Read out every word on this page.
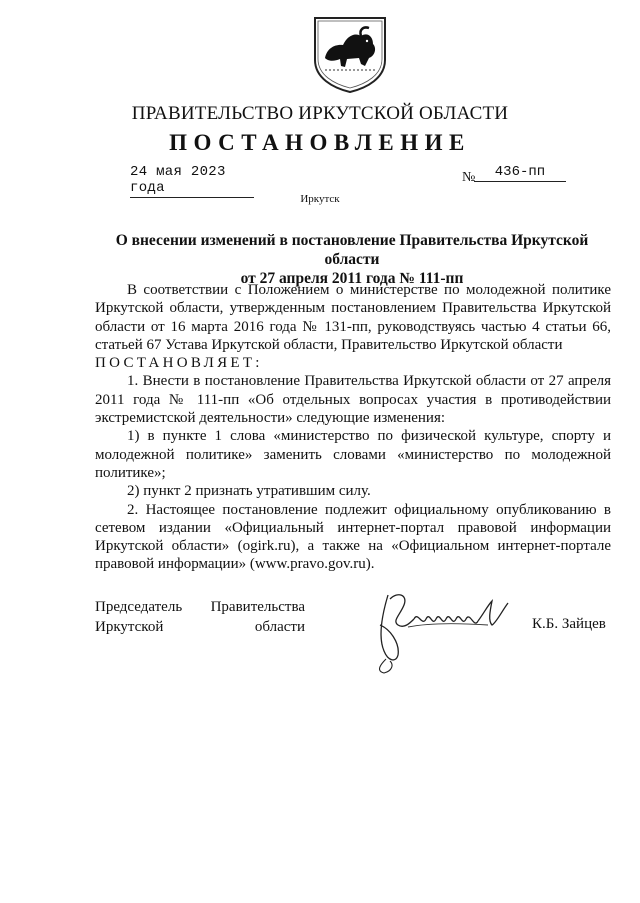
ПРАВИТЕЛЬСТВО ИРКУТСКОЙ ОБЛАСТИ
ПОСТАНОВЛЕНИЕ
24 мая 2023 года
№	436-пп
Иркутск
О внесении изменений в постановление Правительства Иркутской области
от 27 апреля 2011 года № 111-пп

В соответствии с Положением о министерстве по молодежной политике Иркутской области, утвержденным постановлением Правительства Иркутской области от 16 марта 2016 года № 131-пп, руководствуясь частью 4 статьи 66, статьей 67 Устава Иркутской области, Правительство Иркутской области

ПОСТАНОВЛЯЕТ:

1. Внести в постановление Правительства Иркутской области от 27 апреля 2011 года № 111-пп «Об отдельных вопросах участия в противодействии экстремистской деятельности» следующие изменения:

1) в пункте 1 слова «министерство по физической культуре, спорту и молодежной политике» заменить словами «министерство по молодежной политике»;

2) пункт 2 признать утратившим силу.

2. Настоящее постановление подлежит официальному опубликованию в сетевом издании «Официальный интернет-портал правовой информации Иркутской области» (ogirk.ru), а также на «Официальном интернет-портале правовой информации» (www.pravo.gov.ru).

Председатель Правительства
Иркутской	области	К.Б. Зайцев
